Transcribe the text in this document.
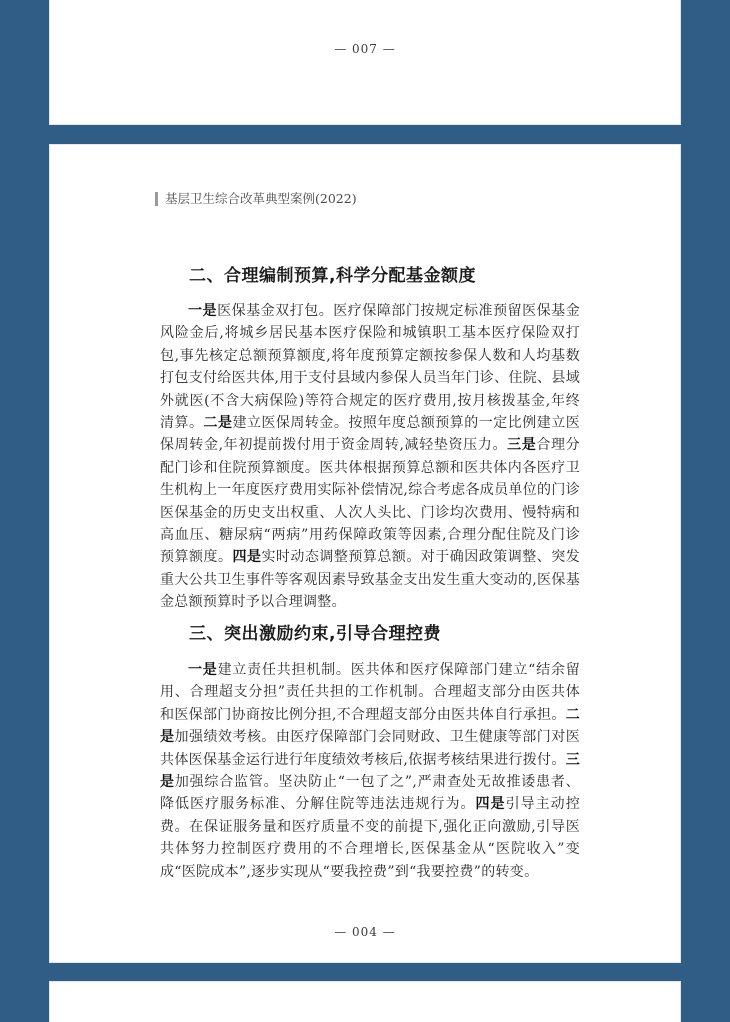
— 007 —
基层卫生综合改革典型案例(2022)
二、合理编制预算,科学分配基金额度
一是医保基金双打包。医疗保障部门按规定标准预留医保基金风险金后,将城乡居民基本医疗保险和城镇职工基本医疗保险双打包,事先核定总额预算额度,将年度预算定额按参保人数和人均基数打包支付给医共体,用于支付县域内参保人员当年门诊、住院、县域外就医(不含大病保险)等符合规定的医疗费用,按月核拨基金,年终清算。二是建立医保周转金。按照年度总额预算的一定比例建立医保周转金,年初提前拨付用于资金周转,减轻垫资压力。三是合理分配门诊和住院预算额度。医共体根据预算总额和医共体内各医疗卫生机构上一年度医疗费用实际补偿情况,综合考虑各成员单位的门诊医保基金的历史支出权重、人次人头比、门诊均次费用、慢特病和高血压、糖尿病“两病”用药保障政策等因素,合理分配住院及门诊预算额度。四是实时动态调整预算总额。对于确因政策调整、突发重大公共卫生事件等客观因素导致基金支出发生重大变动的,医保基金总额预算时予以合理调整。
三、突出激励约束,引导合理控费
一是建立责任共担机制。医共体和医疗保障部门建立“结余留用、合理超支分担”责任共担的工作机制。合理超支部分由医共体和医保部门协商按比例分担,不合理超支部分由医共体自行承担。二是加强绩效考核。由医疗保障部门会同财政、卫生健康等部门对医共体医保基金运行进行年度绩效考核后,依据考核结果进行拨付。三是加强综合监管。坚决防止“一包了之”,严肃查处无故推诿患者、降低医疗服务标准、分解住院等违法违规行为。四是引导主动控费。在保证服务量和医疗质量不变的前提下,强化正向激励,引导医共体努力控制医疗费用的不合理增长,医保基金从“医院收入”变成“医院成本”,逐步实现从“要我控费”到“我要控费”的转变。
— 004 —
